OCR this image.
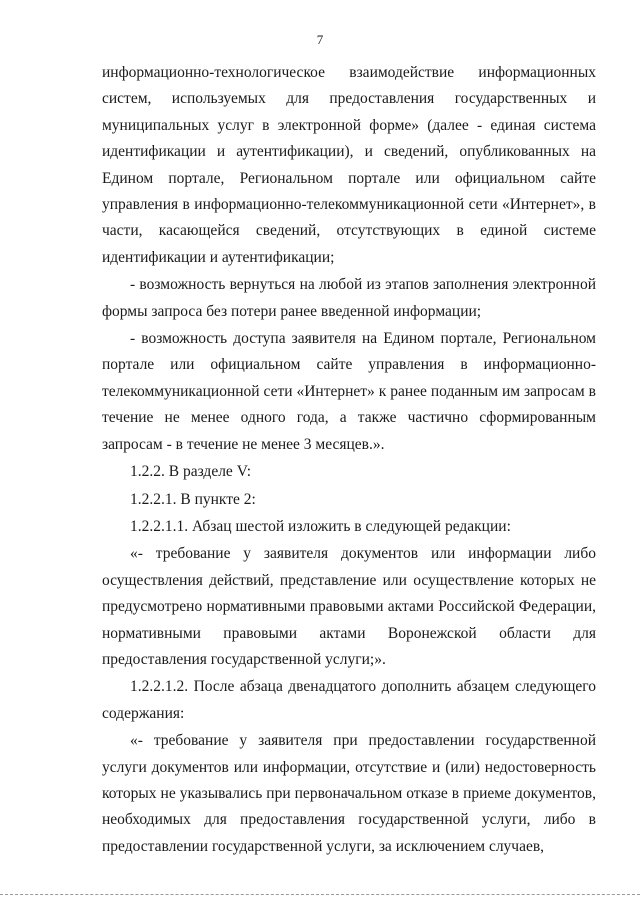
7

информационно-технологическое взаимодействие информационных систем, используемых для предоставления государственных и муниципальных услуг в электронной форме» (далее - единая система идентификации и аутентификации), и сведений, опубликованных на Едином портале, Региональном портале или официальном сайте управления в информационно-телекоммуникационной сети «Интернет», в части, касающейся сведений, отсутствующих в единой системе идентификации и аутентификации;

- возможность вернуться на любой из этапов заполнения электронной формы запроса без потери ранее введенной информации;

- возможность доступа заявителя на Едином портале, Региональном портале или официальном сайте управления в информационно-телекоммуникационной сети «Интернет» к ранее поданным им запросам в течение не менее одного года, а также частично сформированным запросам - в течение не менее 3 месяцев.».

1.2.2. В разделе V:

1.2.2.1. В пункте 2:

1.2.2.1.1. Абзац шестой изложить в следующей редакции:

«- требование у заявителя документов или информации либо осуществления действий, представление или осуществление которых не предусмотрено нормативными правовыми актами Российской Федерации, нормативными правовыми актами Воронежской области для предоставления государственной услуги;».

1.2.2.1.2. После абзаца двенадцатого дополнить абзацем следующего содержания:

«- требование у заявителя при предоставлении государственной услуги документов или информации, отсутствие и (или) недостоверность которых не указывались при первоначальном отказе в приеме документов, необходимых для предоставления государственной услуги, либо в предоставлении государственной услуги, за исключением случаев,
